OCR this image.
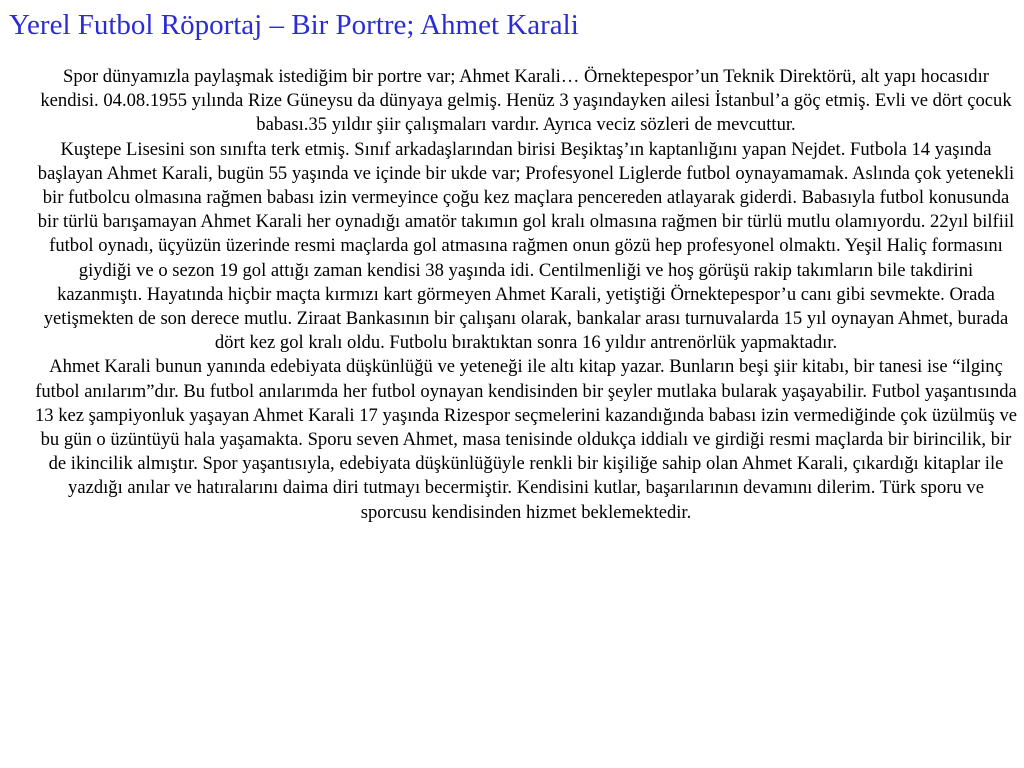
Yerel Futbol Röportaj – Bir Portre; Ahmet Karali

Spor dünyamızla paylaşmak istediğim bir portre var; Ahmet Karali… Örnektepespor’un Teknik Direktörü, alt yapı hocasıdır kendisi. 04.08.1955 yılında Rize Güneysu da dünyaya gelmiş. Henüz 3 yaşındayken ailesi İstanbul’a göç etmiş. Evli ve dört çocuk babası.35 yıldır şiir çalışmaları vardır. Ayrıca veciz sözleri de mevcuttur.

Kuştepe Lisesini son sınıfta terk etmiş. Sınıf arkadaşlarından birisi Beşiktaş’ın kaptanlığını yapan Nejdet. Futbola 14 yaşında başlayan Ahmet Karali, bugün 55 yaşında ve içinde bir ukde var; Profesyonel Liglerde futbol oynayamamak. Aslında çok yetenekli bir futbolcu olmasına rağmen babası izin vermeyince çoğu kez maçlara pencereden atlayarak giderdi. Babasıyla futbol konusunda bir türlü barışamayan Ahmet Karali her oynadığı amatör takımın gol kralı olmasına rağmen bir türlü mutlu olamıyordu. 22yıl bilfiil futbol oynadı, üçyüzün üzerinde resmi maçlarda gol atmasına rağmen onun gözü hep profesyonel olmaktı. Yeşil Haliç formasını giydiği ve o sezon 19 gol attığı zaman kendisi 38 yaşında idi. Centilmenliği ve hoş görüşü rakip takımların bile takdirini kazanmıştı. Hayatında hiçbir maçta kırmızı kart görmeyen Ahmet Karali, yetiştiği Örnektepespor’u canı gibi sevmekte. Orada yetişmekten de son derece mutlu. Ziraat Bankasının bir çalışanı olarak, bankalar arası turnuvalarda 15 yıl oynayan Ahmet, burada dört kez gol kralı oldu. Futbolu bıraktıktan sonra 16 yıldır antrenörlük yapmaktadır.

Ahmet Karali bunun yanında edebiyata düşkünlüğü ve yeteneği ile altı kitap yazar. Bunların beşi şiir kitabı, bir tanesi ise “ilginç futbol anılarım”dır. Bu futbol anılarımda her futbol oynayan kendisinden bir şeyler mutlaka bularak yaşayabilir. Futbol yaşantısında 13 kez şampiyonluk yaşayan Ahmet Karali 17 yaşında Rizespor seçmelerini kazandığında babası izin vermediğinde çok üzülmüş ve bu gün o üzüntüyü hala yaşamakta. Sporu seven Ahmet, masa tenisinde oldukça iddialı ve girdiği resmi maçlarda bir birincilik, bir de ikincilik almıştır. Spor yaşantısıyla, edebiyata düşkünlüğüyle renkli bir kişiliğe sahip olan Ahmet Karali, çıkardığı kitaplar ile yazdığı anılar ve hatıralarını daima diri tutmayı becermiştir. Kendisini kutlar, başarılarının devamını dilerim. Türk sporu ve sporcusu kendisinden hizmet beklemektedir.
